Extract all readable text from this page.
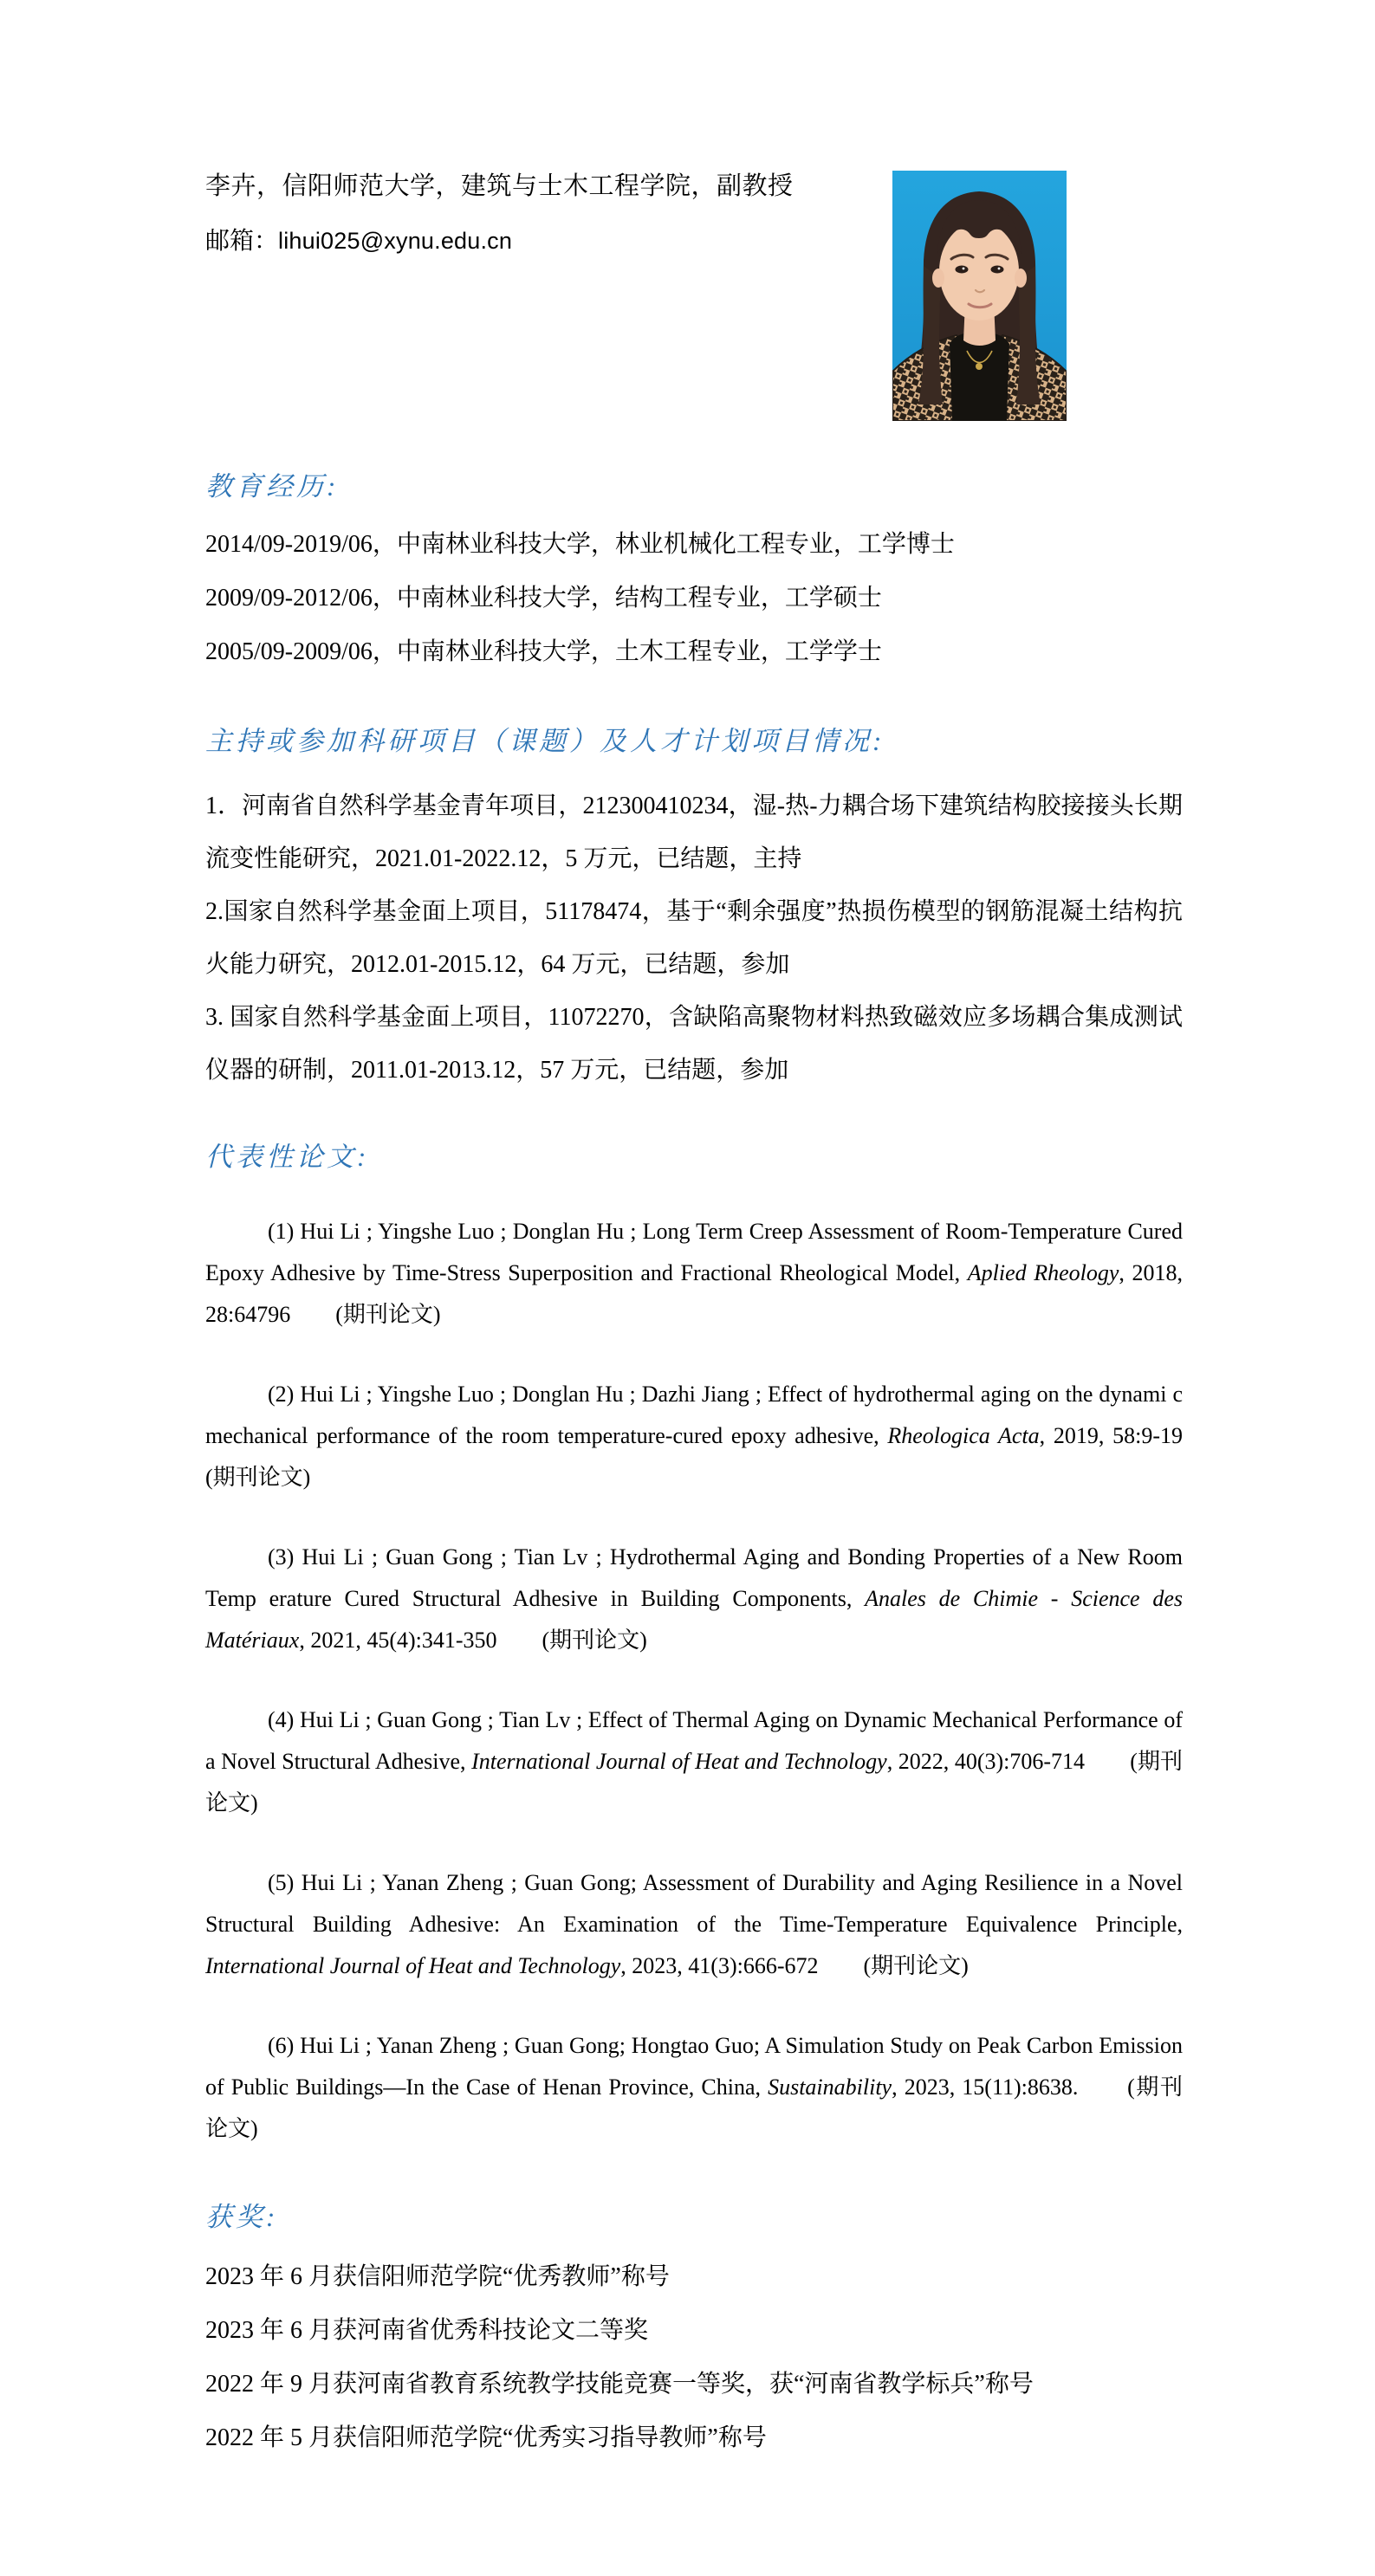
李卉，信阳师范大学，建筑与士木工程学院，副教授

邮箱：lihui025@xynu.edu.cn

教育经历:

2014/09-2019/06，中南林业科技大学，林业机械化工程专业，工学博士

2009/09-2012/06，中南林业科技大学，结构工程专业，工学硕士

2005/09-2009/06，中南林业科技大学，土木工程专业，工学学士

主持或参加科研项目（课题）及人才计划项目情况:

1．河南省自然科学基金青年项目，212300410234，湿-热-力耦合场下建筑结构胶接接头长期流变性能研究，2021.01-2022.12，5 万元，已结题，主持

2.国家自然科学基金面上项目，51178474，基于“剩余强度”热损伤模型的钢筋混凝土结构抗火能力研究，2012.01-2015.12，64 万元，已结题，参加

3. 国家自然科学基金面上项目，11072270，含缺陷高聚物材料热致磁效应多场耦合集成测试仪器的研制，2011.01-2013.12，57 万元，已结题，参加

代表性论文:

(1) Hui Li ; Yingshe Luo ; Donglan Hu ; Long Term Creep Assessment of Room-Temperature Cured Epoxy Adhesive by Time-Stress Superposition and Fractional Rheological Model, Aplied Rheology, 2018, 28:64796　　(期刊论文)

(2) Hui Li ; Yingshe Luo ; Donglan Hu ; Dazhi Jiang ; Effect of hydrothermal aging on the dynami c mechanical performance of the room temperature-cured epoxy adhesive, Rheologica Acta, 2019, 58:9-19　　(期刊论文)

(3) Hui Li ; Guan Gong ; Tian Lv ; Hydrothermal Aging and Bonding Properties of a New Room Temp erature Cured Structural Adhesive in Building Components, Anales de Chimie - Science des Matériaux, 2021, 45(4):341-350　　(期刊论文)

(4) Hui Li ; Guan Gong ; Tian Lv ; Effect of Thermal Aging on Dynamic Mechanical Performance of a Novel Structural Adhesive, International Journal of Heat and Technology, 2022, 40(3):706-714　　(期刊论文)

(5) Hui Li ; Yanan Zheng ; Guan Gong; Assessment of Durability and Aging Resilience in a Novel Structural Building Adhesive: An Examination of the Time-Temperature Equivalence Principle, International Journal of Heat and Technology, 2023, 41(3):666-672　　(期刊论文)

(6) Hui Li ; Yanan Zheng ; Guan Gong; Hongtao Guo; A Simulation Study on Peak Carbon Emission of Public Buildings—In the Case of Henan Province, China, Sustainability, 2023, 15(11):8638.　　(期刊论文)

获奖:

2023 年 6 月获信阳师范学院“优秀教师”称号

2023 年 6 月获河南省优秀科技论文二等奖

2022 年 9 月获河南省教育系统教学技能竞赛一等奖，获“河南省教学标兵”称号

2022 年 5 月获信阳师范学院“优秀实习指导教师”称号
